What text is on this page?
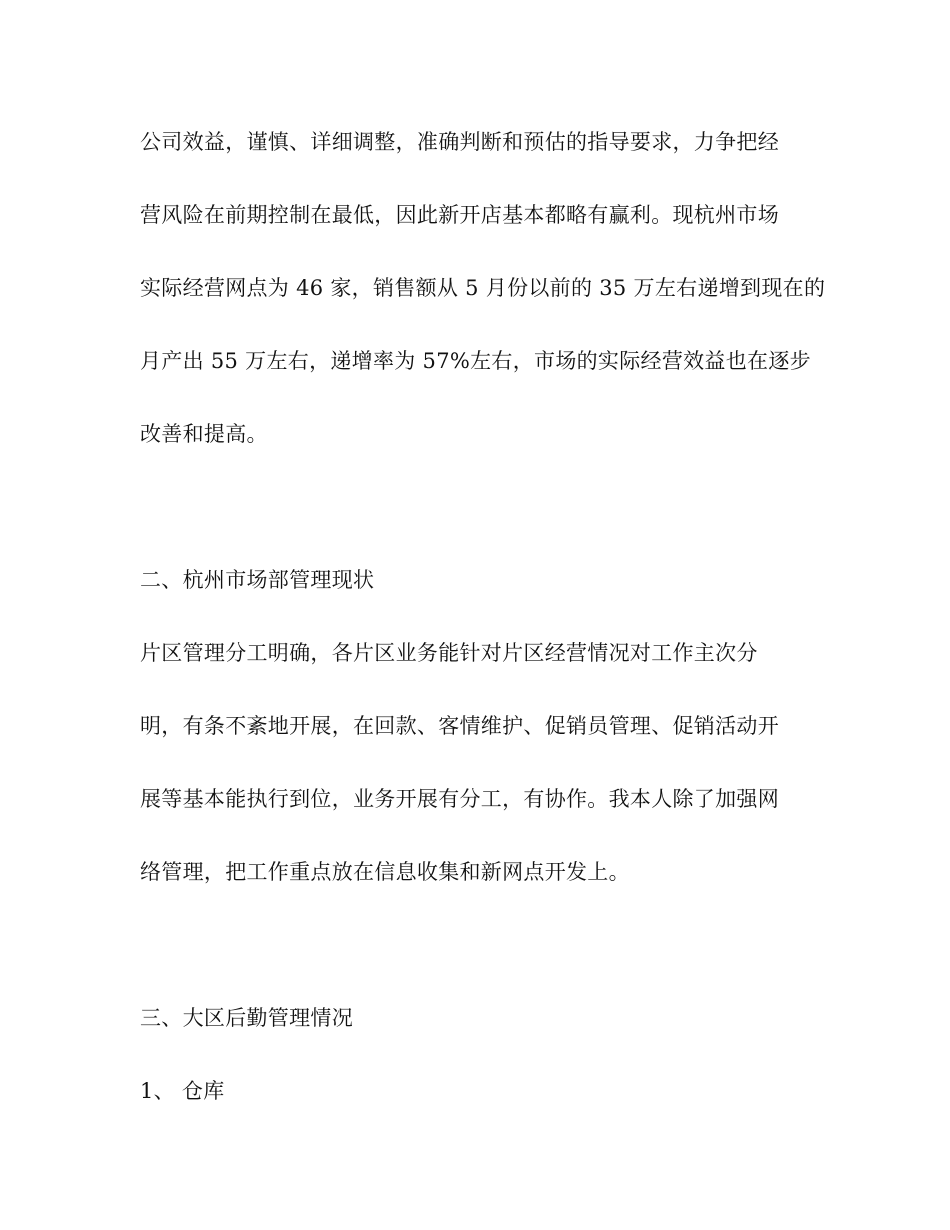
公司效益，谨慎、详细调整，准确判断和预估的指导要求，力争把经

营风险在前期控制在最低，因此新开店基本都略有赢利。现杭州市场

实际经营网点为 46 家，销售额从 5 月份以前的 35 万左右递增到现在的

月产出 55 万左右，递增率为 57%左右，市场的实际经营效益也在逐步

改善和提高。

二、杭州市场部管理现状

片区管理分工明确，各片区业务能针对片区经营情况对工作主次分

明，有条不紊地开展，在回款、客情维护、促销员管理、促销活动开

展等基本能执行到位，业务开展有分工，有协作。我本人除了加强网

络管理，把工作重点放在信息收集和新网点开发上。

三、大区后勤管理情况

1、 仓库
